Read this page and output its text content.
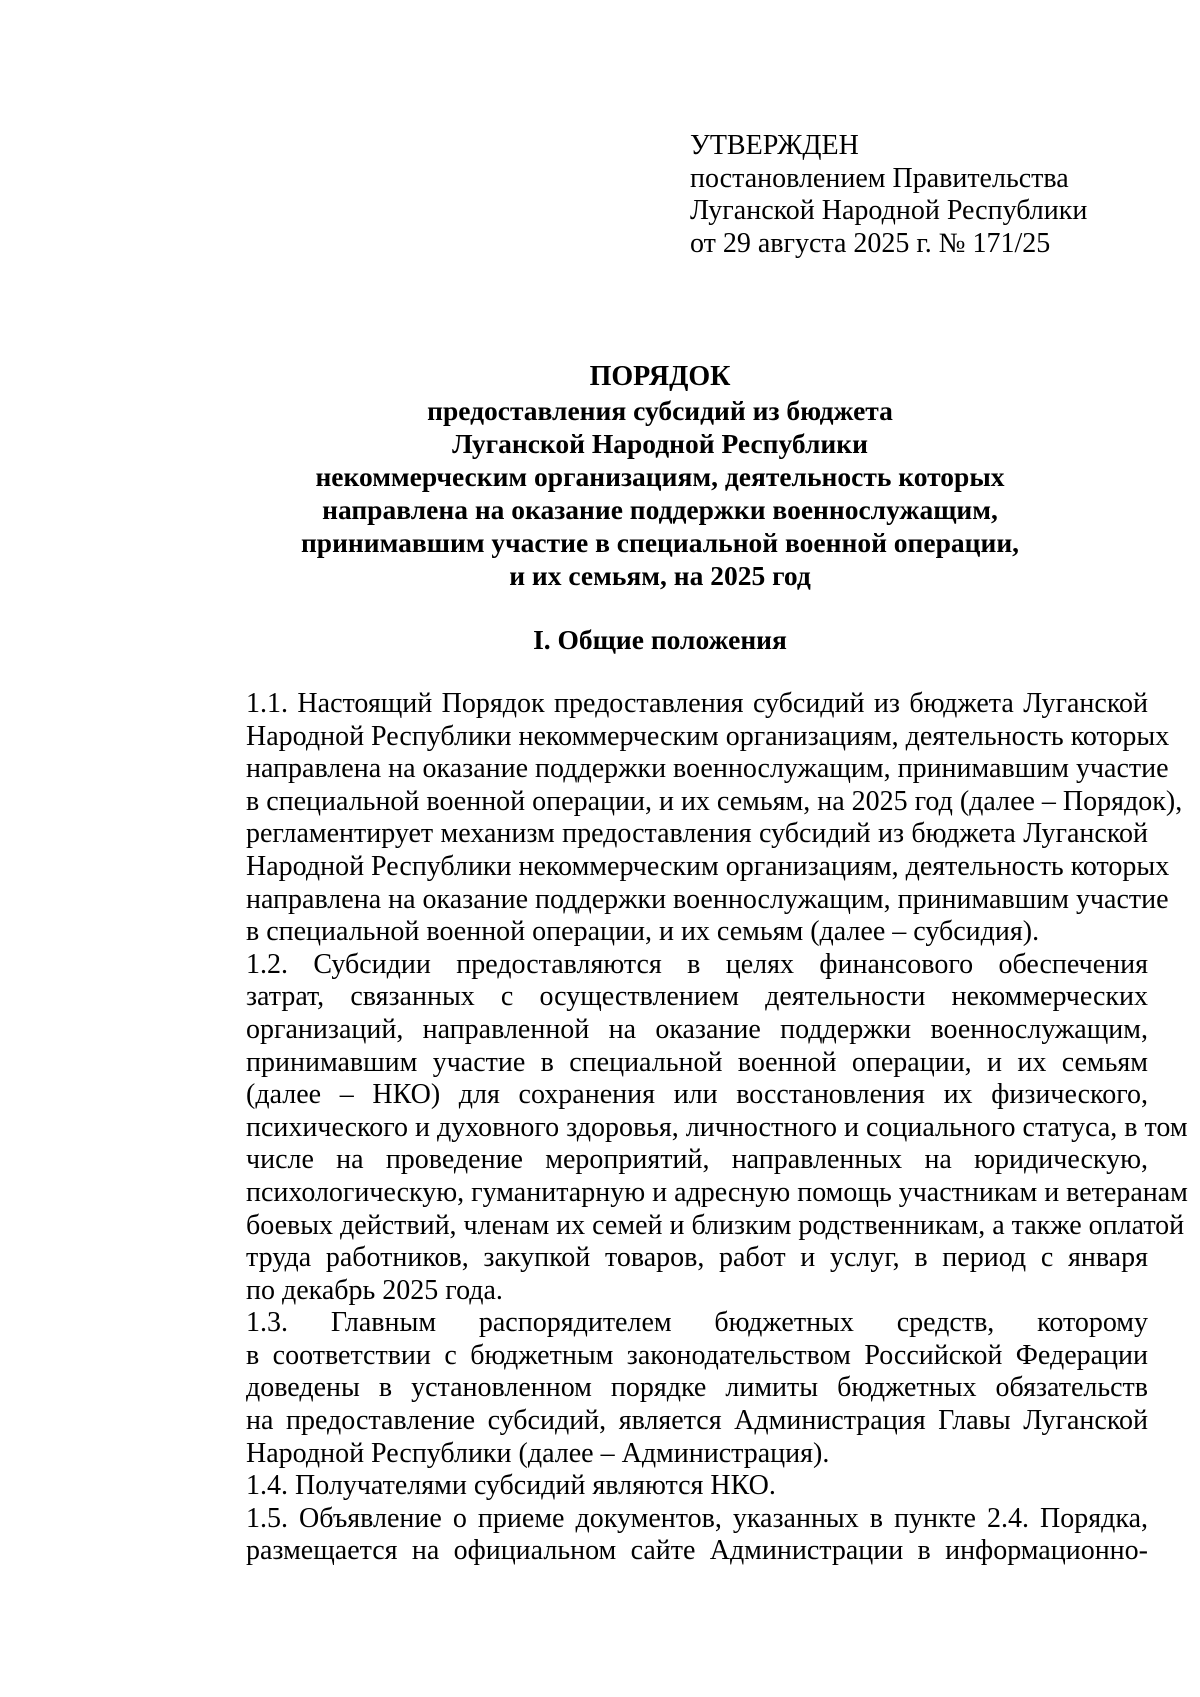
УТВЕРЖДЕН
постановлением Правительства
Луганской Народной Республики
от 29 августа 2025 г. № 171/25
ПОРЯДОК
предоставления субсидий из бюджета
Луганской Народной Республики
некоммерческим организациям, деятельность которых
направлена на оказание поддержки военнослужащим,
принимавшим участие в специальной военной операции,
и их семьям, на 2025 год
I. Общие положения
1.1. Настоящий Порядок предоставления субсидий из бюджета Луганской
Народной Республики некоммерческим организациям, деятельность которых
направлена на оказание поддержки военнослужащим, принимавшим участие
в специальной военной операции, и их семьям, на 2025 год (далее – Порядок),
регламентирует механизм предоставления субсидий из бюджета Луганской
Народной Республики некоммерческим организациям, деятельность которых
направлена на оказание поддержки военнослужащим, принимавшим участие
в специальной военной операции, и их семьям (далее – субсидия).
1.2. Субсидии предоставляются в целях финансового обеспечения
затрат, связанных с осуществлением деятельности некоммерческих
организаций, направленной на оказание поддержки военнослужащим,
принимавшим участие в специальной военной операции, и их семьям
(далее – НКО) для сохранения или восстановления их физического,
психического и духовного здоровья, личностного и социального статуса, в том
числе на проведение мероприятий, направленных на юридическую,
психологическую, гуманитарную и адресную помощь участникам и ветеранам
боевых действий, членам их семей и близким родственникам, а также оплатой
труда работников, закупкой товаров, работ и услуг, в период с января
по декабрь 2025 года.
1.3. Главным распорядителем бюджетных средств, которому
в соответствии с бюджетным законодательством Российской Федерации
доведены в установленном порядке лимиты бюджетных обязательств
на предоставление субсидий, является Администрация Главы Луганской
Народной Республики (далее – Администрация).
1.4. Получателями субсидий являются НКО.
1.5. Объявление о приеме документов, указанных в пункте 2.4. Порядка,
размещается на официальном сайте Администрации в информационно-
